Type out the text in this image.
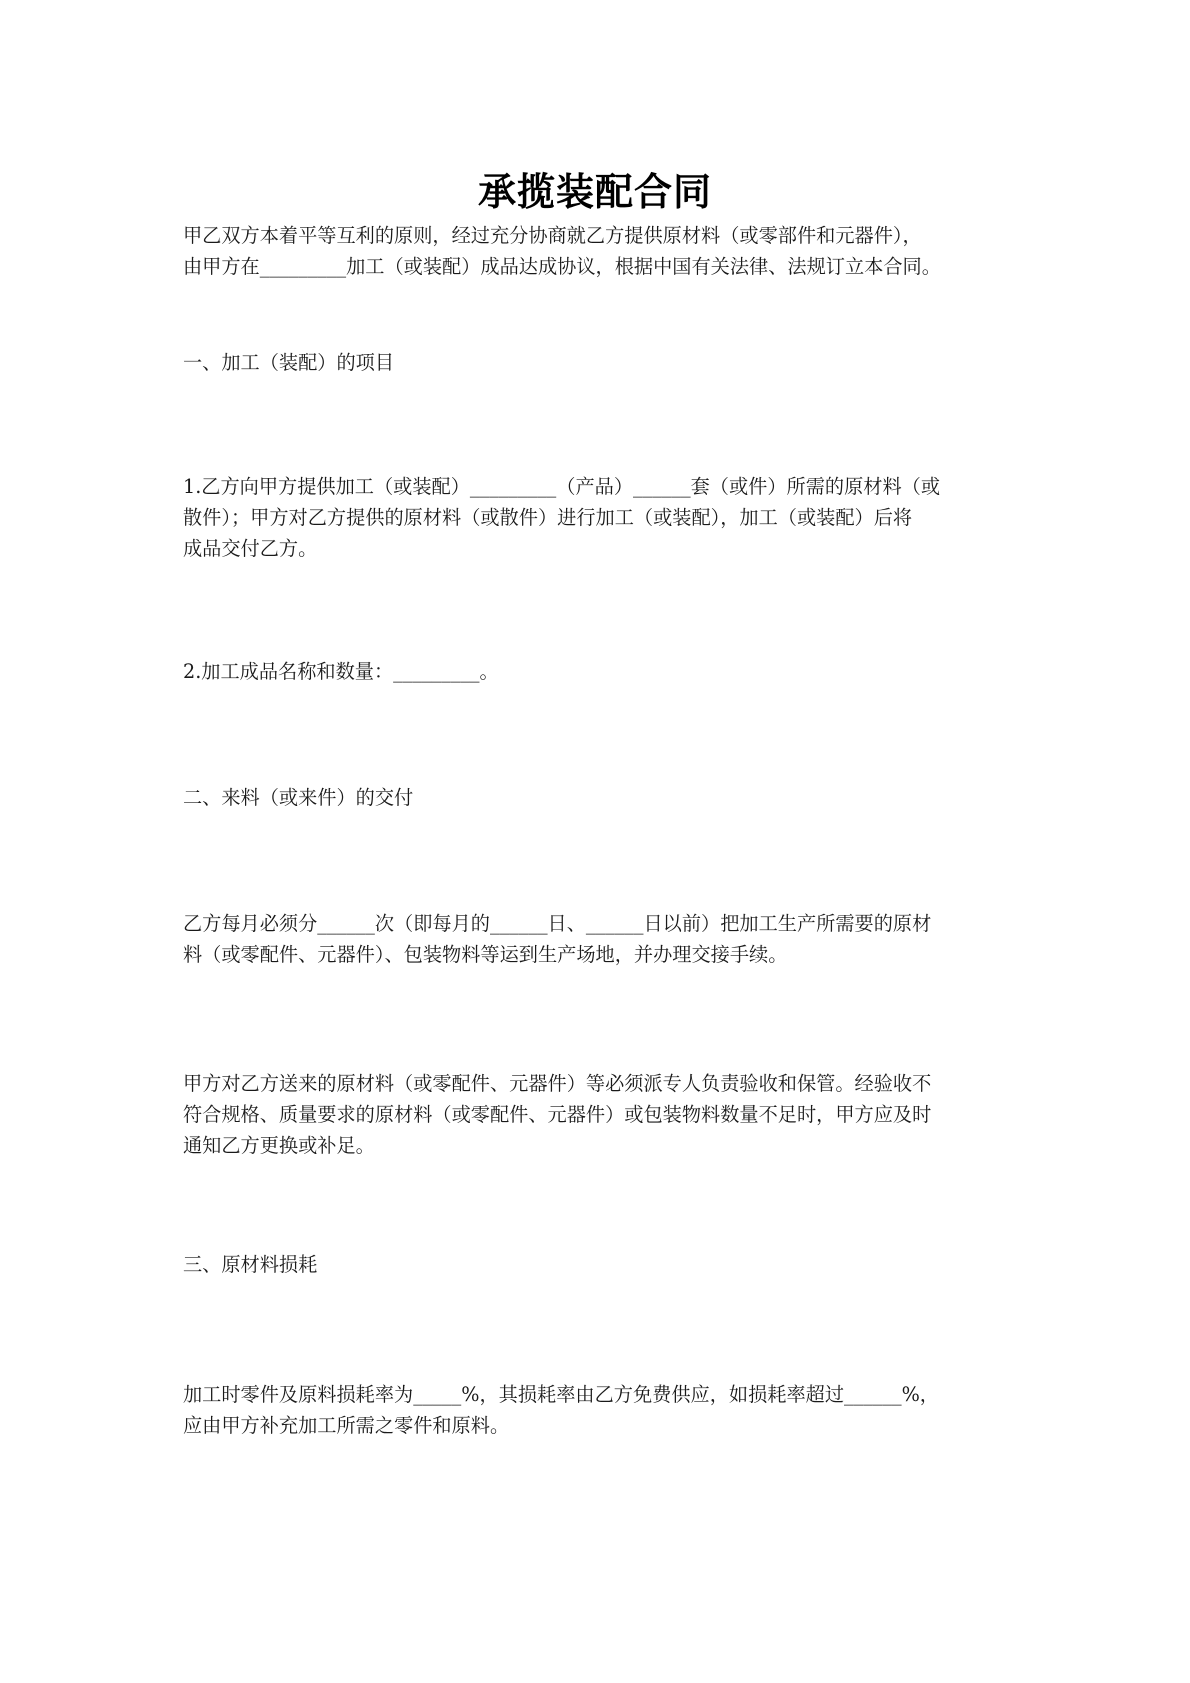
承揽装配合同
甲乙双方本着平等互利的原则，经过充分协商就乙方提供原材料（或零部件和元器件），
由甲方在_________加工（或装配）成品达成协议，根据中国有关法律、法规订立本合同。
一、加工（装配）的项目
1.乙方向甲方提供加工（或装配）_________（产品）______套（或件）所需的原材料（或
散件）；甲方对乙方提供的原材料（或散件）进行加工（或装配），加工（或装配）后将
成品交付乙方。
2.加工成品名称和数量：_________。
二、来料（或来件）的交付
乙方每月必须分______次（即每月的______日、______日以前）把加工生产所需要的原材
料（或零配件、元器件）、包装物料等运到生产场地，并办理交接手续。
甲方对乙方送来的原材料（或零配件、元器件）等必须派专人负责验收和保管。经验收不
符合规格、质量要求的原材料（或零配件、元器件）或包装物料数量不足时，甲方应及时
通知乙方更换或补足。
三、原材料损耗
加工时零件及原料损耗率为_____%，其损耗率由乙方免费供应，如损耗率超过______%，
应由甲方补充加工所需之零件和原料。
